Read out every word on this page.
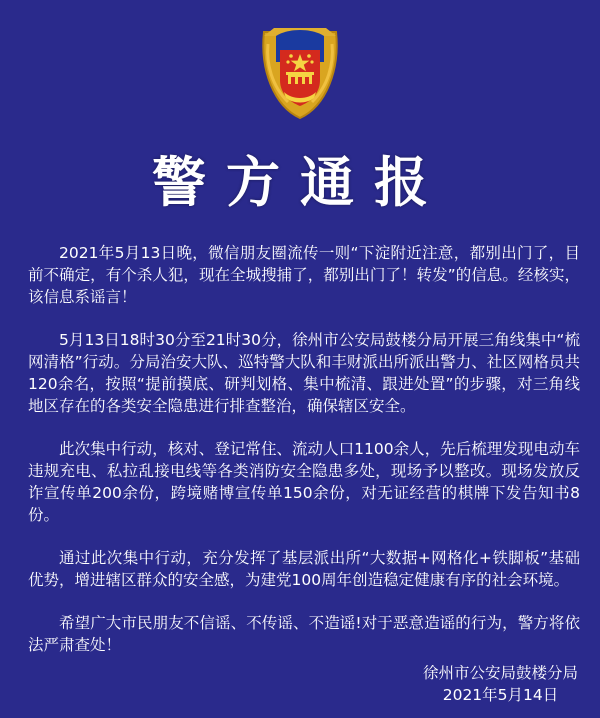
警方通报

2021年5月13日晚，微信朋友圈流传一则“下淀附近注意，都别出门了，目前不确定，有个杀人犯，现在全城搜捕了，都别出门了！转发”的信息。经核实，该信息系谣言！

5月13日18时30分至21时30分，徐州市公安局鼓楼分局开展三角线集中“梳网清格”行动。分局治安大队、巡特警大队和丰财派出所派出警力、社区网格员共120余名，按照“提前摸底、研判划格、集中梳清、跟进处置”的步骤，对三角线地区存在的各类安全隐患进行排查整治，确保辖区安全。

此次集中行动，核对、登记常住、流动人口1100余人，先后梳理发现电动车违规充电、私拉乱接电线等各类消防安全隐患多处，现场予以整改。现场发放反诈宣传单200余份，跨境赌博宣传单150余份，对无证经营的棋牌下发告知书8份。

通过此次集中行动，充分发挥了基层派出所“大数据+网格化+铁脚板”基础优势，增进辖区群众的安全感，为建党100周年创造稳定健康有序的社会环境。

希望广大市民朋友不信谣、不传谣、不造谣!对于恶意造谣的行为，警方将依法严肃查处！

徐州市公安局鼓楼分局
2021年5月14日
